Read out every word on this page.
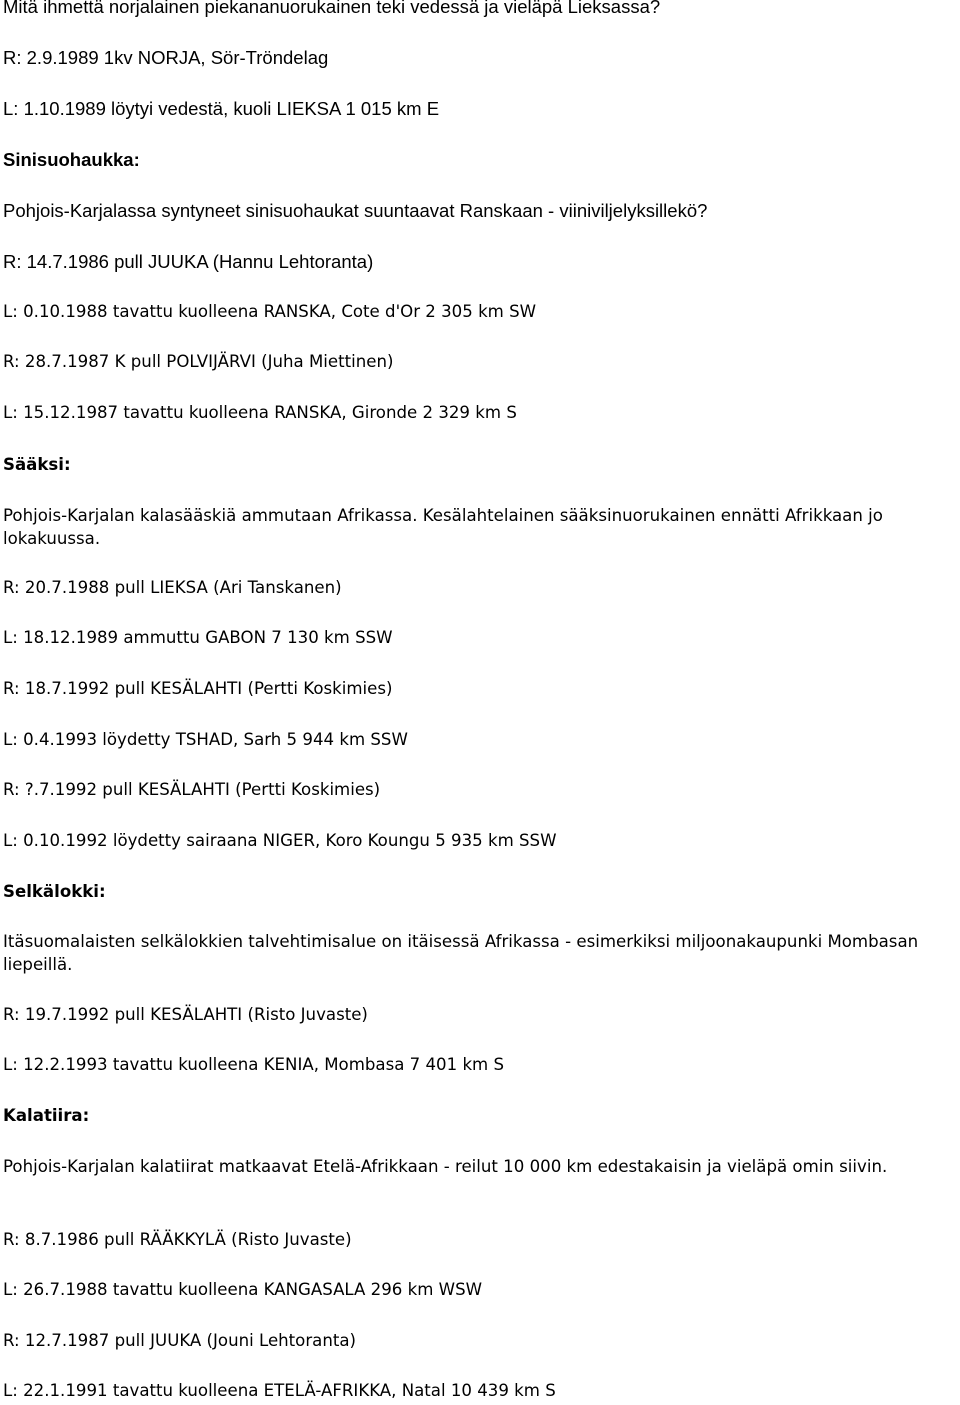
Mitä ihmettä norjalainen piekananuorukainen teki vedessä ja vieläpä Lieksassa?
R: 2.9.1989 1kv NORJA, Sör-Tröndelag
L: 1.10.1989 löytyi vedestä, kuoli LIEKSA 1 015 km E
Sinisuohaukka:
Pohjois-Karjalassa syntyneet sinisuohaukat suuntaavat Ranskaan - viiniviljelyksillekö?
R: 14.7.1986 pull JUUKA (Hannu Lehtoranta)
L: 0.10.1988 tavattu kuolleena RANSKA, Cote d'Or 2 305 km SW
R: 28.7.1987 K pull POLVIJÄRVI (Juha Miettinen)
L: 15.12.1987 tavattu kuolleena RANSKA, Gironde 2 329 km S
Sääksi:
Pohjois-Karjalan kalasääskiä ammutaan Afrikassa. Kesälahtelainen sääksinuorukainen ennätti Afrikkaan jo lokakuussa.
R: 20.7.1988 pull LIEKSA (Ari Tanskanen)
L: 18.12.1989 ammuttu GABON 7 130 km SSW
R: 18.7.1992 pull KESÄLAHTI (Pertti Koskimies)
L: 0.4.1993 löydetty TSHAD, Sarh 5 944 km SSW
R: ?.7.1992 pull KESÄLAHTI (Pertti Koskimies)
L: 0.10.1992 löydetty sairaana NIGER, Koro Koungu 5 935 km SSW
Selkälokki:
Itäsuomalaisten selkälokkien talvehtimisalue on itäisessä Afrikassa - esimerkiksi miljoonakaupunki Mombasan liepeillä.
R: 19.7.1992 pull KESÄLAHTI (Risto Juvaste)
L: 12.2.1993 tavattu kuolleena KENIA, Mombasa 7 401 km S
Kalatiira:
Pohjois-Karjalan kalatiirat matkaavat Etelä-Afrikkaan - reilut 10 000 km edestakaisin ja vieläpä omin siivin.
R: 8.7.1986 pull RÄÄKKYLÄ (Risto Juvaste)
L: 26.7.1988 tavattu kuolleena KANGASALA 296 km WSW
R: 12.7.1987 pull JUUKA (Jouni Lehtoranta)
L: 22.1.1991 tavattu kuolleena ETELÄ-AFRIKKA, Natal 10 439 km S
